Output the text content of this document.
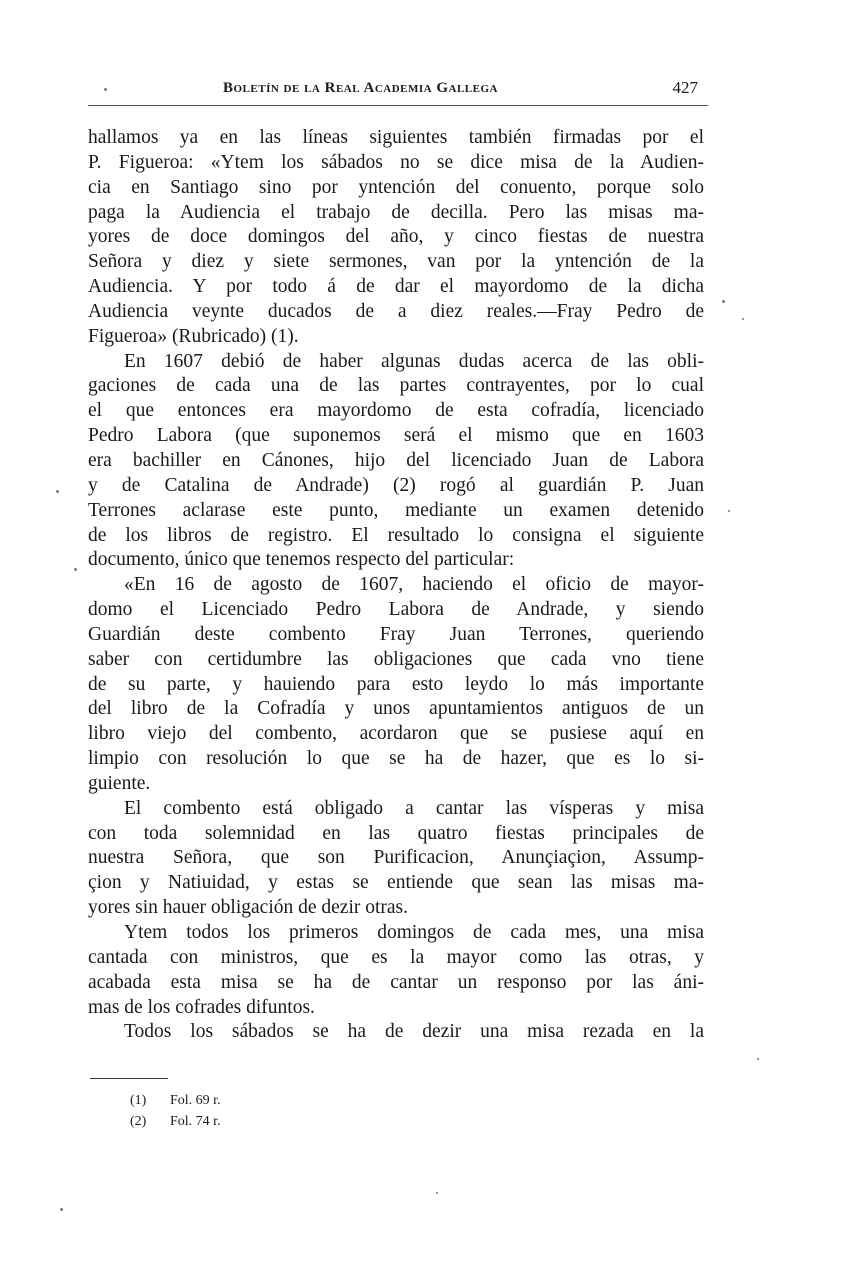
Boletín de la Real Academia Gallega	427
hallamos ya en las líneas siguientes también firmadas por el
P. Figueroa: «Ytem los sábados no se dice misa de la Audien-
cia en Santiago sino por yntención del conuento, porque solo
paga la Audiencia el trabajo de decilla. Pero las misas ma-
yores de doce domingos del año, y cinco fiestas de nuestra
Señora y diez y siete sermones, van por la yntención de la
Audiencia. Y por todo á de dar el mayordomo de la dicha
Audiencia veynte ducados de a diez reales.—Fray Pedro de
Figueroa» (Rubricado) (1).
En 1607 debió de haber algunas dudas acerca de las obli-
gaciones de cada una de las partes contrayentes, por lo cual
el que entonces era mayordomo de esta cofradía, licenciado
Pedro Labora (que suponemos será el mismo que en 1603
era bachiller en Cánones, hijo del licenciado Juan de Labora
y de Catalina de Andrade) (2) rogó al guardián P. Juan
Terrones aclarase este punto, mediante un examen detenido
de los libros de registro. El resultado lo consigna el siguiente
documento, único que tenemos respecto del particular:
«En 16 de agosto de 1607, haciendo el oficio de mayor-
domo el Licenciado Pedro Labora de Andrade, y siendo
Guardián deste combento Fray Juan Terrones, queriendo
saber con certidumbre las obligaciones que cada vno tiene
de su parte, y hauiendo para esto leydo lo más importante
del libro de la Cofradía y unos apuntamientos antiguos de un
libro viejo del combento, acordaron que se pusiese aquí en
limpio con resolución lo que se ha de hazer, que es lo si-
guiente.
El combento está obligado a cantar las vísperas y misa
con toda solemnidad en las quatro fiestas principales de
nuestra Señora, que son Purificacion, Anunçiaçion, Assump-
çion y Natiuidad, y estas se entiende que sean las misas ma-
yores sin hauer obligación de dezir otras.
Ytem todos los primeros domingos de cada mes, una misa
cantada con ministros, que es la mayor como las otras, y
acabada esta misa se ha de cantar un responso por las áni-
mas de los cofrades difuntos.
Todos los sábados se ha de dezir una misa rezada en la
(1) Fol. 69 r.
(2) Fol. 74 r.
